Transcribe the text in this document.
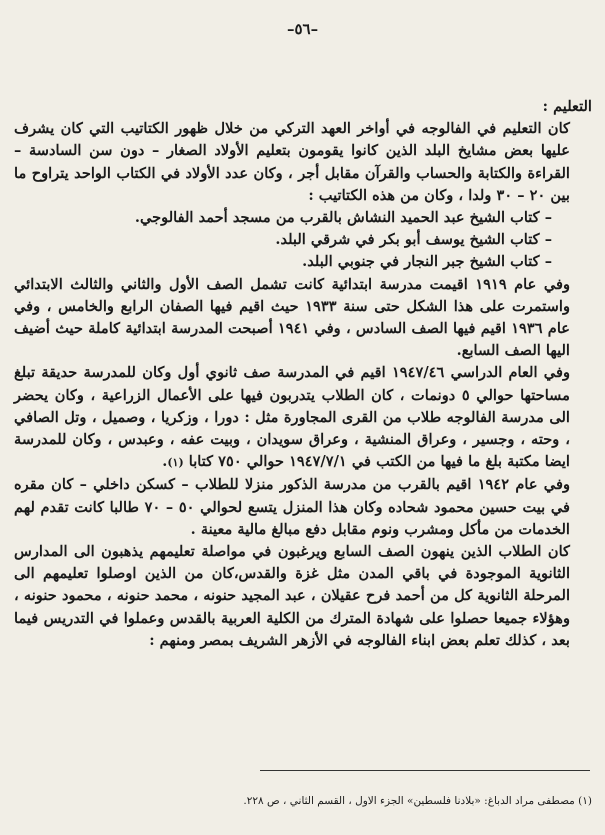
–٥٦–

التعليم :

كان التعليم في الفالوجه في أواخر العهد التركي من خلال ظهور الكتاتيب التي كان يشرف عليها بعض مشايخ البلد الذين كانوا يقومون بتعليم الأولاد الصغار – دون سن السادسة – القراءة والكتابة والحساب والقرآن مقابل أجر ، وكان عدد الأولاد في الكتاب الواحد يتراوح ما بين ٢٠ – ٣٠ ولدا ، وكان من هذه الكتاتيب :

– كتاب الشيخ عبد الحميد النشاش بالقرب من مسجد أحمد الفالوجي.

– كتاب الشيخ يوسف أبو بكر في شرقي البلد.

– كتاب الشيخ جبر النجار في جنوبي البلد.

وفي عام ١٩١٩ اقيمت مدرسة ابتدائية كانت تشمل الصف الأول والثاني والثالث الابتدائي واستمرت على هذا الشكل حتى سنة ١٩٣٣ حيث اقيم فيها الصفان الرابع والخامس ، وفي عام ١٩٣٦ اقيم فيها الصف السادس ، وفي ١٩٤١ أصبحت المدرسة ابتدائية كاملة حيث أضيف اليها الصف السابع.

وفي العام الدراسي ١٩٤٧/٤٦ اقيم في المدرسة صف ثانوي أول وكان للمدرسة حديقة تبلغ مساحتها حوالي ٥ دونمات ، كان الطلاب يتدربون فيها على الأعمال الزراعية ، وكان يحضر الى مدرسة الفالوجه طلاب من القرى المجاورة مثل : دورا ، وزكريا ، وصميل ، وتل الصافي ، وحته ، وجسير ، وعراق المنشية ، وعراق سويدان ، وبيت عفه ، وعبدس ، وكان للمدرسة ايضا مكتبة بلغ ما فيها من الكتب في ١٩٤٧/٧/١ حوالي ٧٥٠ كتابا (١).

وفي عام ١٩٤٢ اقيم بالقرب من مدرسة الذكور منزلا للطلاب – كسكن داخلي – كان مقره في بيت حسين محمود شحاده وكان هذا المنزل يتسع لحوالي ٥٠ – ٧٠ طالبا كانت تقدم لهم الخدمات من مأكل ومشرب ونوم مقابل دفع مبالغ مالية معينة .

كان الطلاب الذين ينهون الصف السابع ويرغبون في مواصلة تعليمهم يذهبون الى المدارس الثانوية الموجودة في باقي المدن مثل غزة والقدس،كان من الذين اوصلوا تعليمهم الى المرحلة الثانوية كل من أحمد فرح عقيلان ، عبد المجيد حنونه ، محمد حنونه ، محمود حنونه ، وهؤلاء جميعا حصلوا على شهادة المترك من الكلية العربية بالقدس وعملوا في التدريس فيما بعد ، كذلك تعلم بعض ابناء الفالوجه في الأزهر الشريف بمصر ومنهم :

(١) مصطفى مراد الدباغ: «بلادنا فلسطين» الجزء الاول ، القسم الثاني ، ص ٢٢٨.
